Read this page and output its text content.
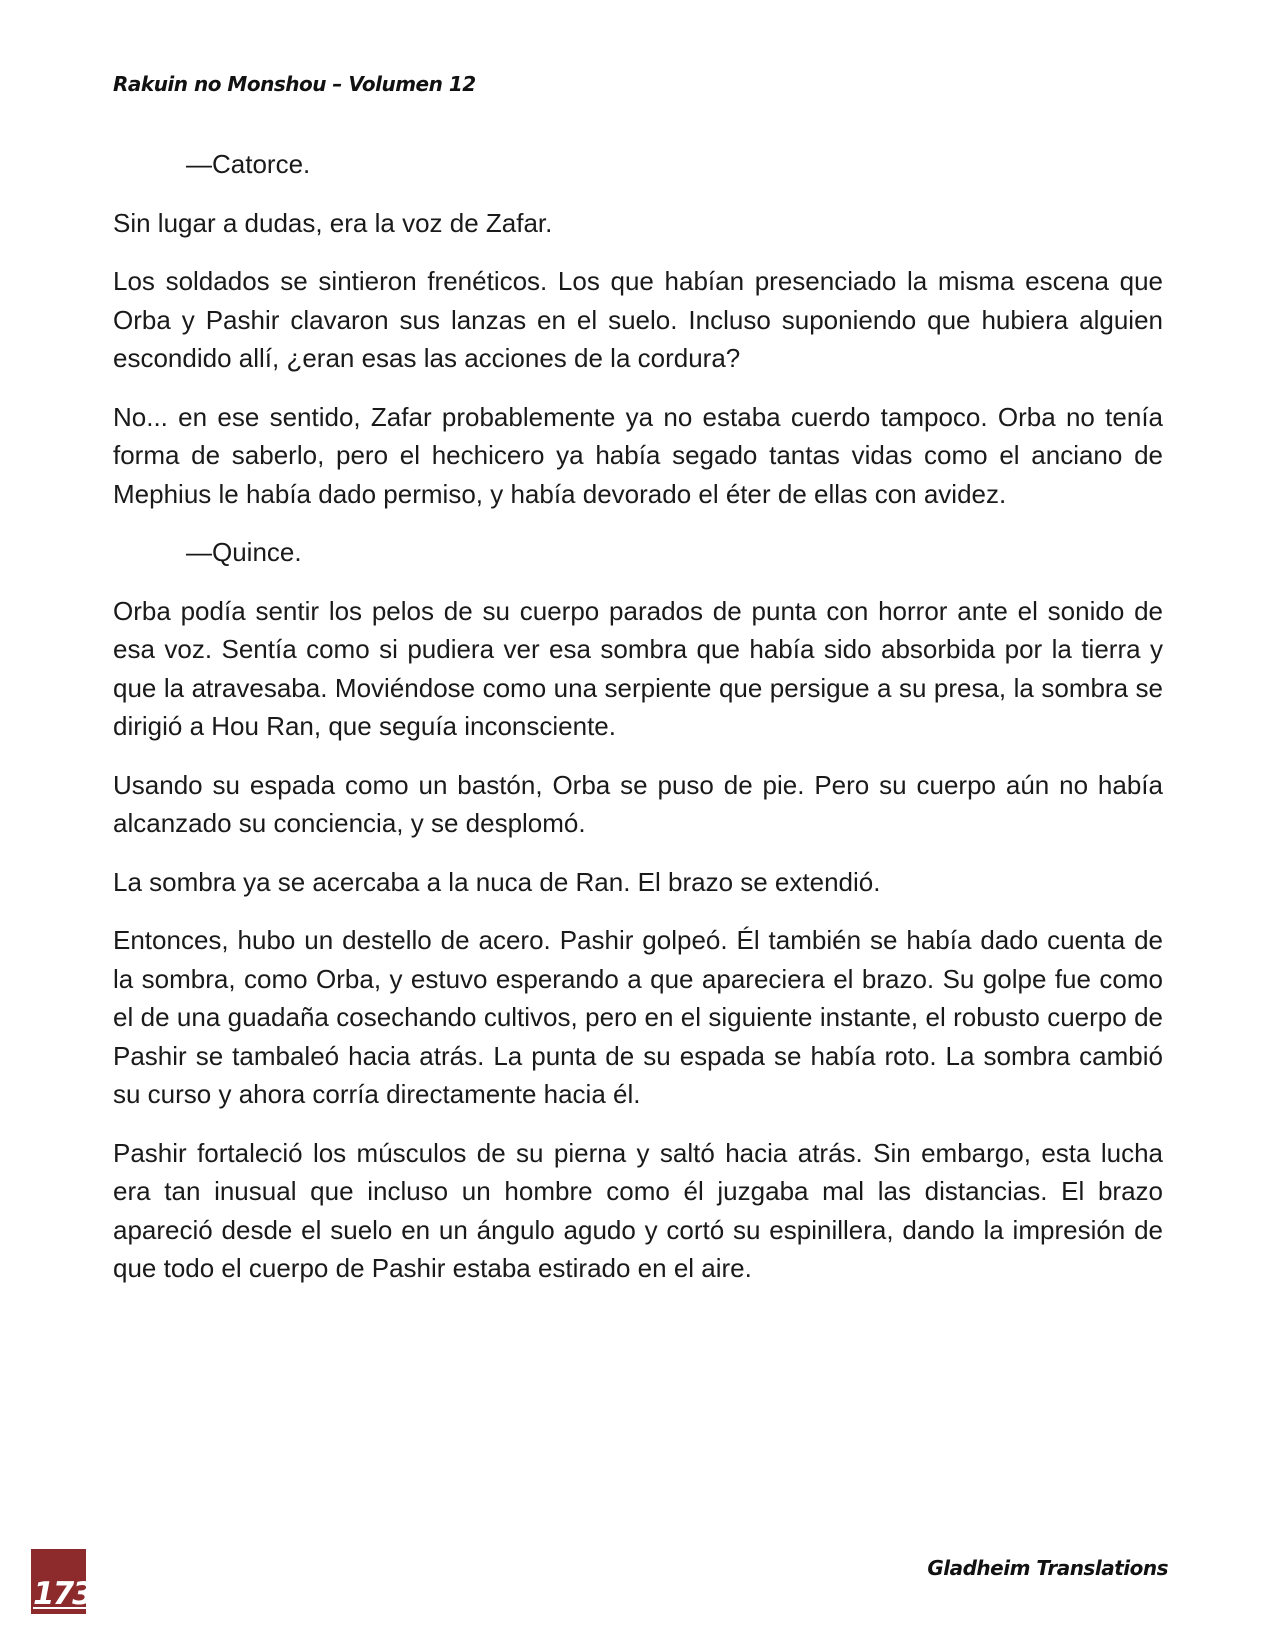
Rakuin no Monshou – Volumen 12

—Catorce.

Sin lugar a dudas, era la voz de Zafar.

Los soldados se sintieron frenéticos. Los que habían presenciado la misma escena que Orba y Pashir clavaron sus lanzas en el suelo. Incluso suponiendo que hubiera alguien escondido allí, ¿eran esas las acciones de la cordura?

No... en ese sentido, Zafar probablemente ya no estaba cuerdo tampoco. Orba no tenía forma de saberlo, pero el hechicero ya había segado tantas vidas como el anciano de Mephius le había dado permiso, y había devorado el éter de ellas con avidez.

—Quince.

Orba podía sentir los pelos de su cuerpo parados de punta con horror ante el sonido de esa voz. Sentía como si pudiera ver esa sombra que había sido absorbida por la tierra y que la atravesaba. Moviéndose como una serpiente que persigue a su presa, la sombra se dirigió a Hou Ran, que seguía inconsciente.

Usando su espada como un bastón, Orba se puso de pie. Pero su cuerpo aún no había alcanzado su conciencia, y se desplomó.

La sombra ya se acercaba a la nuca de Ran. El brazo se extendió.

Entonces, hubo un destello de acero. Pashir golpeó. Él también se había dado cuenta de la sombra, como Orba, y estuvo esperando a que apareciera el brazo. Su golpe fue como el de una guadaña cosechando cultivos, pero en el siguiente instante, el robusto cuerpo de Pashir se tambaleó hacia atrás. La punta de su espada se había roto. La sombra cambió su curso y ahora corría directamente hacia él.

Pashir fortaleció los músculos de su pierna y saltó hacia atrás. Sin embargo, esta lucha era tan inusual que incluso un hombre como él juzgaba mal las distancias. El brazo apareció desde el suelo en un ángulo agudo y cortó su espinillera, dando la impresión de que todo el cuerpo de Pashir estaba estirado en el aire.

173
Gladheim Translations
